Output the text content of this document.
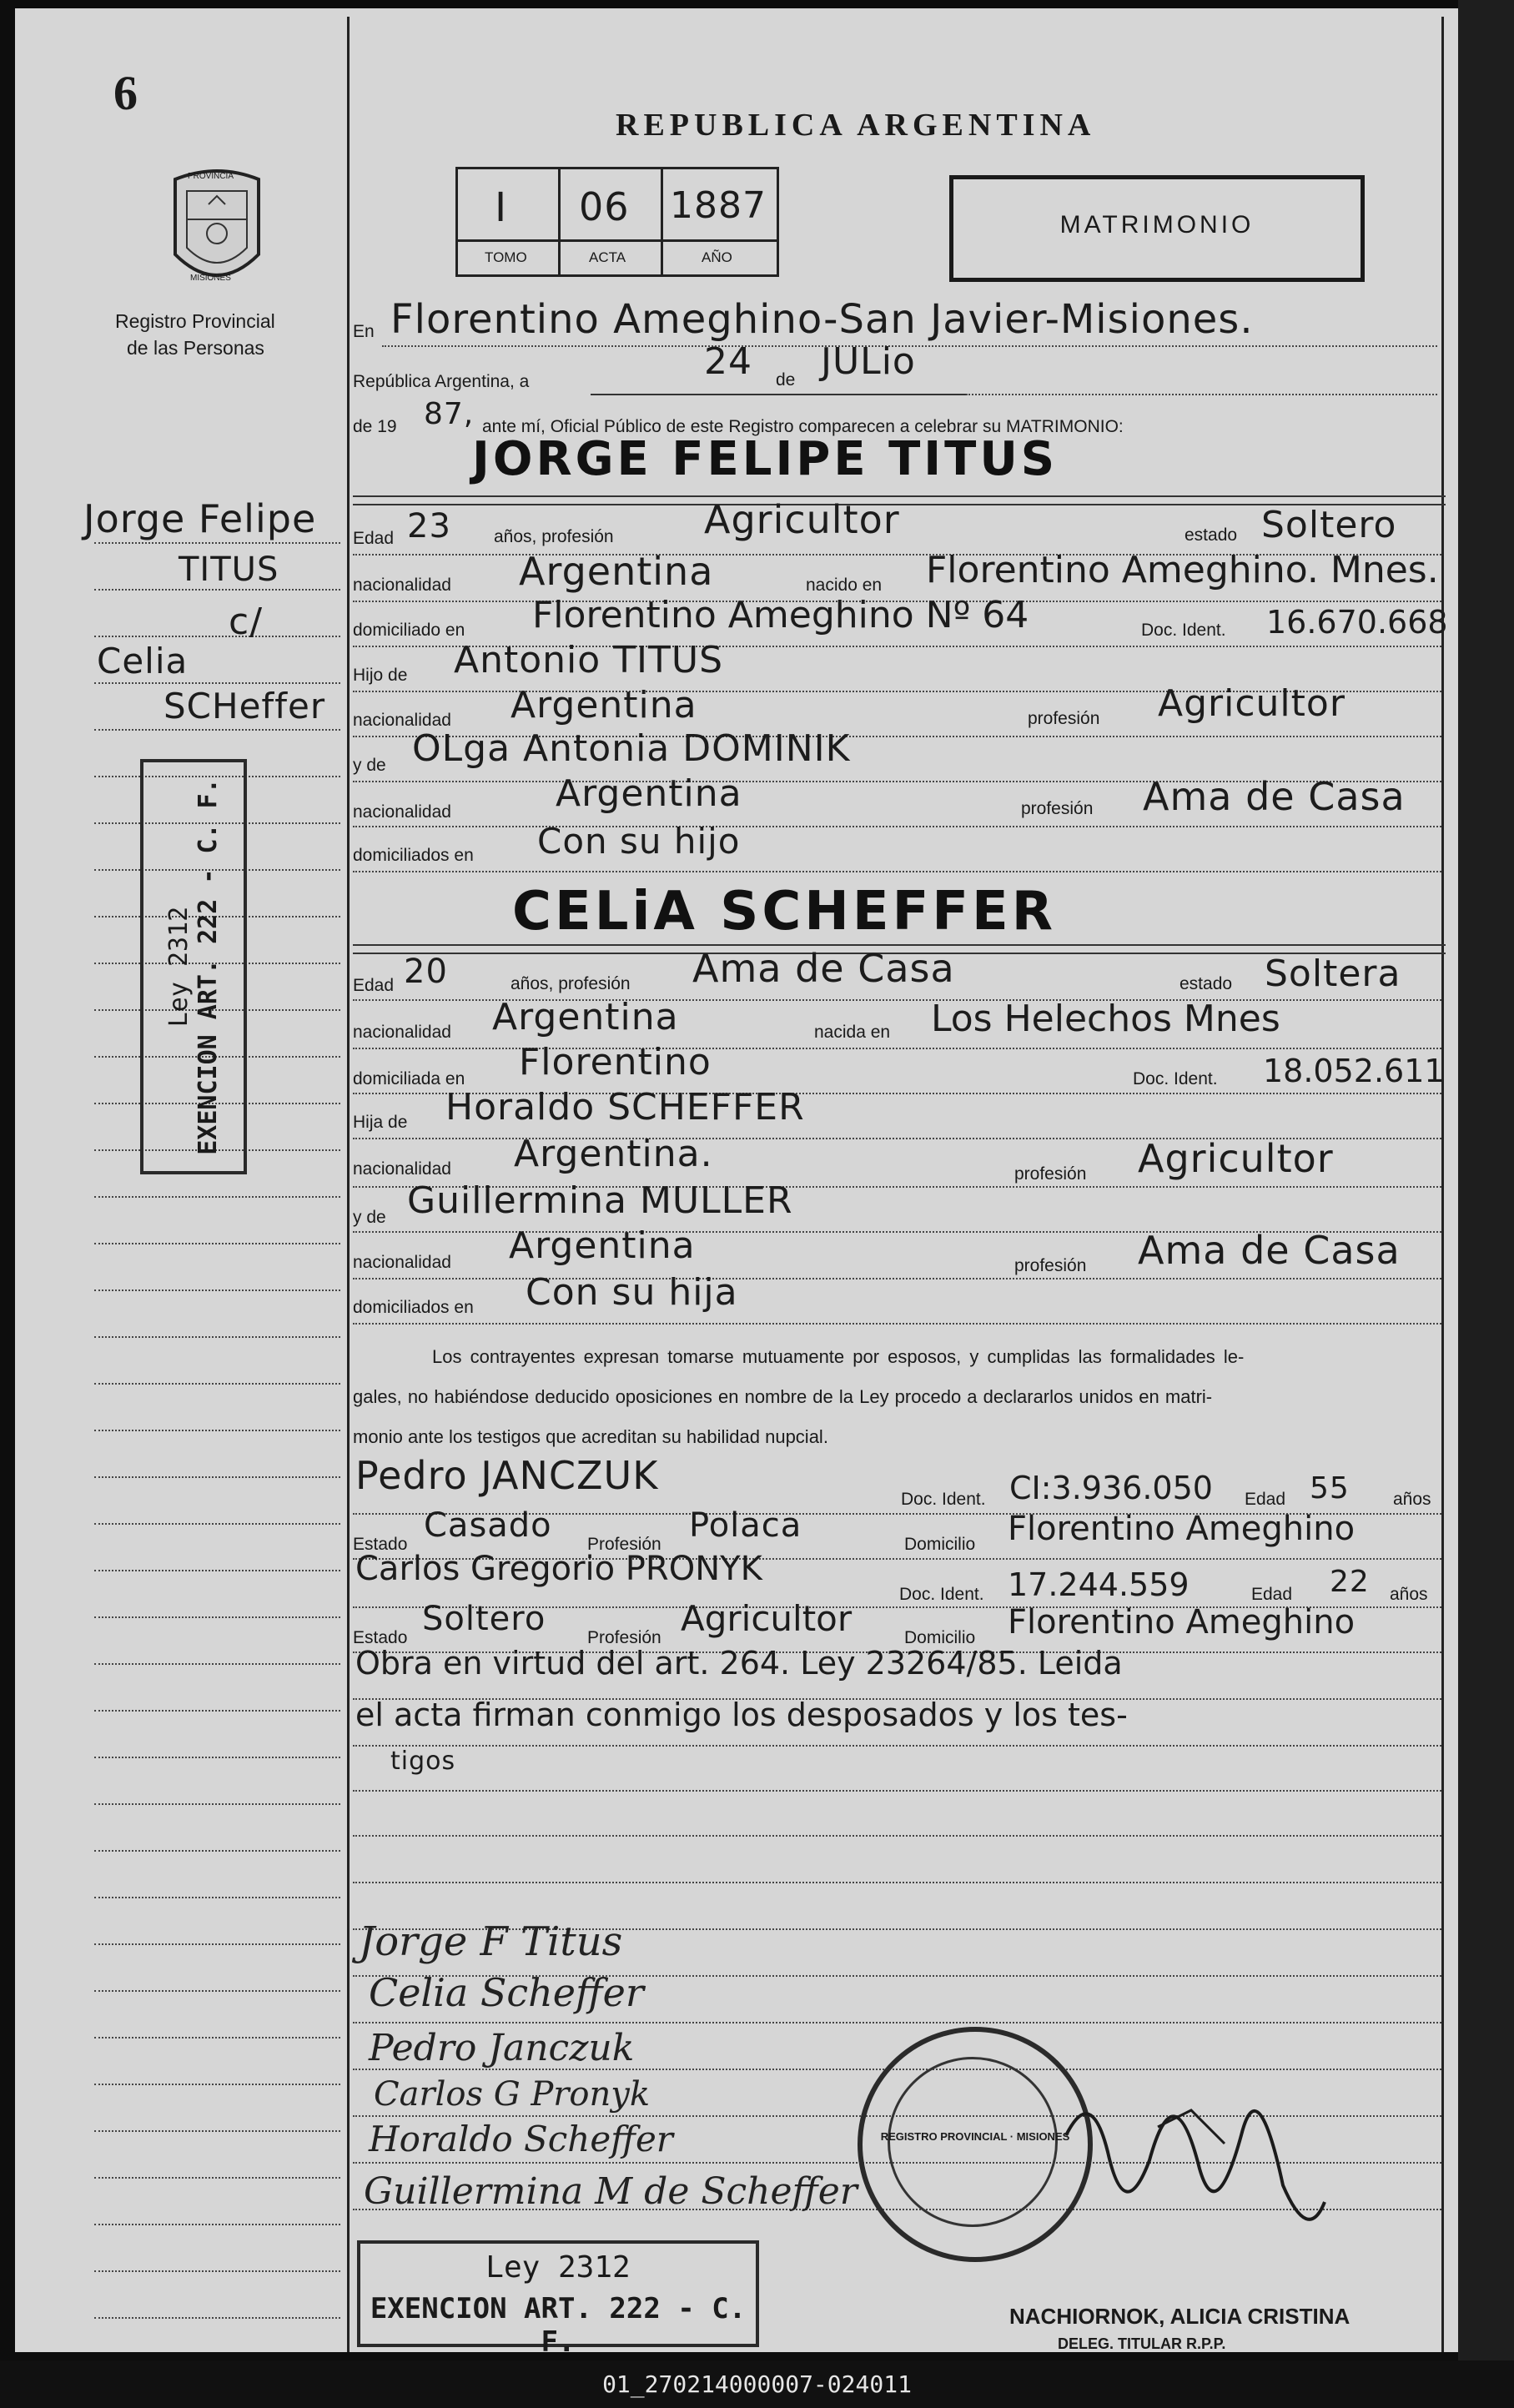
6
PROVINCIA
MISIONES
Registro Provincial
de las Personas
REPUBLICA ARGENTINA
I
TOMO
06
ACTA
1887
AÑO
MATRIMONIO
Jorge Felipe
TITUS
c/
Celia
SCHeffer
Ley 2312 EXENCION ART. 222 - C. F.
En Florentino Ameghino-San Javier-Misiones.
República Argentina, a	24 de JULio
de 19 87, ante mí, Oficial Público de este Registro comparecen a celebrar su MATRIMONIO:
JORGE FELIPE TITUS
Edad 23 años, profesión Agricultor	estado Soltero
nacionalidad Argentina	nacido en Florentino Ameghino. Mnes.
domiciliado en Florentino Ameghino Nº 64	Doc. Ident. 16.670.668
Hijo de Antonio TITUS
nacionalidad Argentina	profesión Agricultor
y de OLga Antonia DOMINIK
nacionalidad	Argentina	profesión Ama de Casa
domiciliados en Con su hijo
CELiA SCHEFFER
Edad 20	años, profesión Ama de Casa	estado Soltera
nacionalidad Argentina	nacida en Los Helechos Mnes
domiciliada en Florentino	Doc. Ident. 18.052.611
Hija de Horaldo SCHEFFER
nacionalidad Argentina.	profesión Agricultor
y de Guillermina MULLER
nacionalidad Argentina	profesión Ama de Casa
domiciliados en Con su hija
Los contrayentes expresan tomarse mutuamente por esposos, y cumplidas las formalidades le-
gales, no habiéndose deducido oposiciones en nombre de la Ley procedo a declararlos unidos en matri-
monio ante los testigos que acreditan su habilidad nupcial.
Pedro JANCZUK
Doc. Ident. CI:3.936.050 Edad 55 años
Estado Casado Profesión Polaca	Domicilio Florentino Ameghino
Carlos Gregorio PRONYK
Doc. Ident. 17.244.559	Edad 22 años
Estado Soltero Profesión Agricultor	Domicilio Florentino Ameghino
Obra en virtud del art. 264. Ley 23264/85. Leida
el acta firman conmigo los desposados y los tes-
tigos
Jorge F Titus
Celia Scheffer
Pedro Janczuk
Carlos G Pronyk
Horaldo Scheffer
Guillermina M de Scheffer
REGISTRO PROVINCIAL · MISIONES
Ley 2312
EXENCION ART. 222 - C. F.
NACHIORNOK, ALICIA CRISTINA
DELEG. TITULAR R.P.P.
01_270214000007-024011
